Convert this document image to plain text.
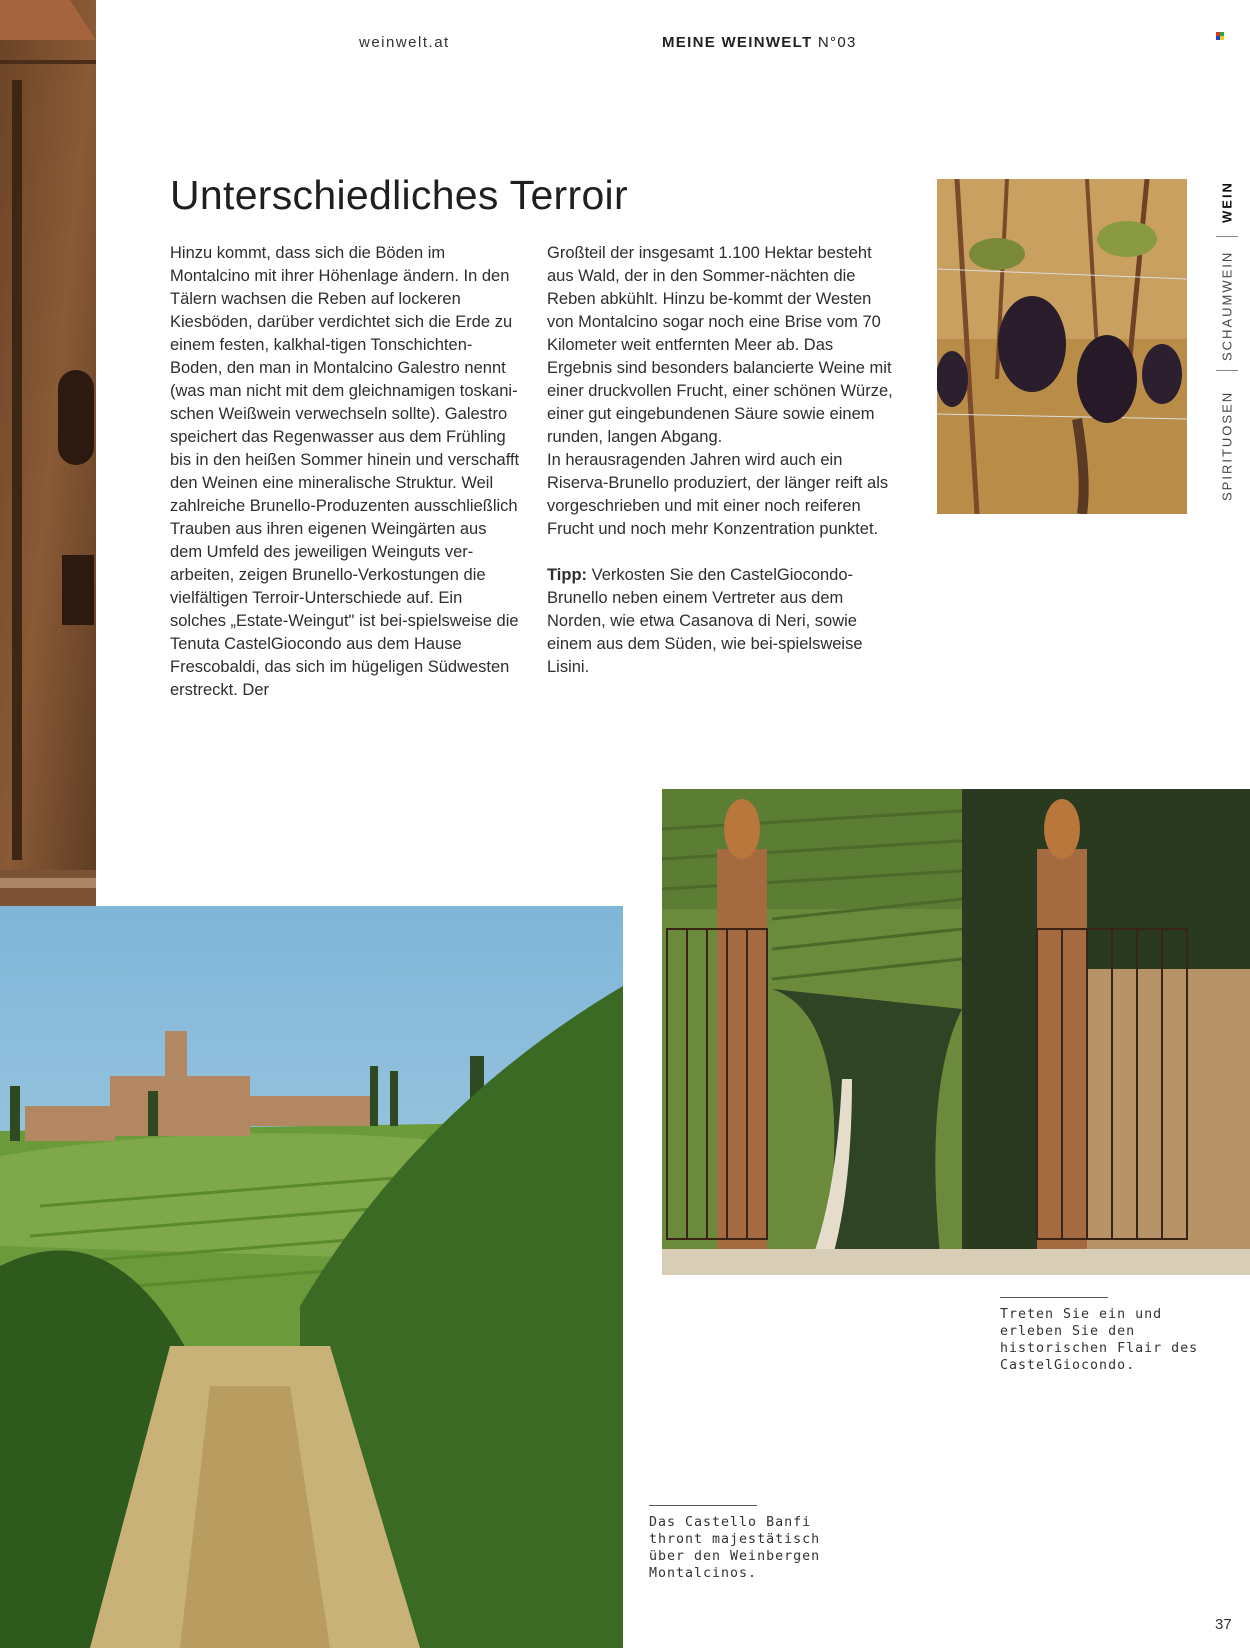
weinwelt.at	MEINE WEINWELT N°03
WEIN
SCHAUMWEIN
SPIRITUOSEN
Unterschiedliches Terroir

Hinzu kommt, dass sich die Böden im Montalcino mit ihrer Höhenlage ändern. In den Tälern wachsen die Reben auf lockeren Kiesböden, darüber verdichtet sich die Erde zu einem festen, kalkhal-tigen Tonschichten-Boden, den man in Montalcino Galestro nennt (was man nicht mit dem gleichnamigen toskani-schen Weißwein verwechseln sollte). Galestro speichert das Regenwasser aus dem Frühling bis in den heißen Sommer hinein und verschafft den Weinen eine mineralische Struktur. Weil zahlreiche Brunello-Produzenten ausschließlich Trauben aus ihren eigenen Weingärten aus dem Umfeld des jeweiligen Weinguts ver-arbeiten, zeigen Brunello-Verkostungen die vielfältigen Terroir-Unterschiede auf. Ein solches „Estate-Weingut" ist bei-spielsweise die Tenuta CastelGiocondo aus dem Hause Frescobaldi, das sich im hügeligen Südwesten erstreckt. Der

Großteil der insgesamt 1.100 Hektar besteht aus Wald, der in den Sommer-nächten die Reben abkühlt. Hinzu be-kommt der Westen von Montalcino sogar noch eine Brise vom 70 Kilometer weit entfernten Meer ab. Das Ergebnis sind besonders balancierte Weine mit einer druckvollen Frucht, einer schönen Würze, einer gut eingebundenen Säure sowie einem runden, langen Abgang.

In herausragenden Jahren wird auch ein Riserva-Brunello produziert, der länger reift als vorgeschrieben und mit einer noch reiferen Frucht und noch mehr Konzentration punktet.

Tipp: Verkosten Sie den CastelGiocondo-Brunello neben einem Vertreter aus dem Norden, wie etwa Casanova di Neri, sowie einem aus dem Süden, wie bei-spielsweise Lisini.

Treten Sie ein und
erleben Sie den
historischen Flair des
CastelGiocondo.
Das Castello Banfi
thront majestätisch
über den Weinbergen
Montalcinos.
37
